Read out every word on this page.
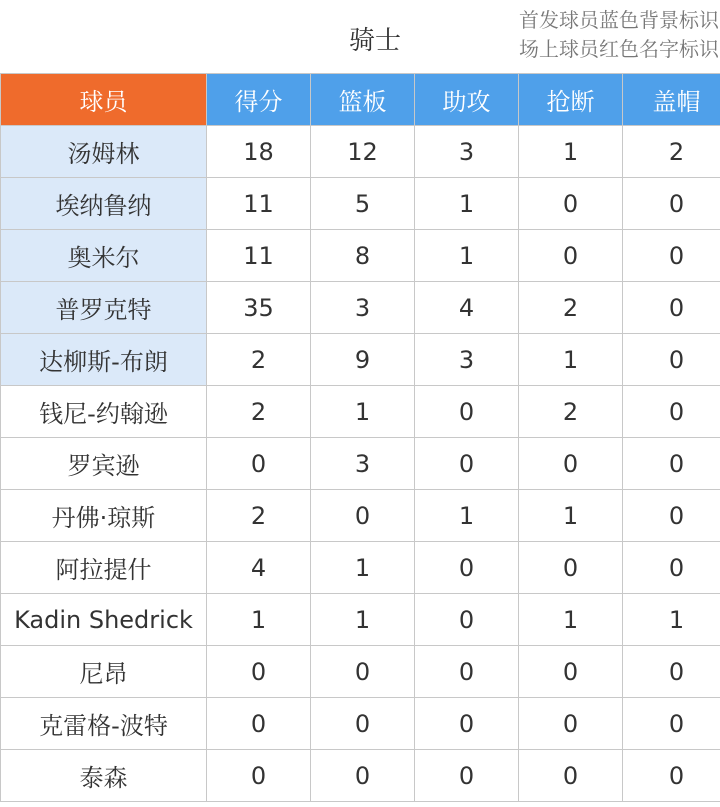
骑士
首发球员蓝色背景标识
场上球员红色名字标识
球员	得分	篮板	助攻	抢断	盖帽
汤姆林	18	12	3	1	2
埃纳鲁纳	11	5	1	0	0
奥米尔	11	8	1	0	0
普罗克特	35	3	4	2	0
达柳斯-布朗	2	9	3	1	0
钱尼-约翰逊	2	1	0	2	0
罗宾逊	0	3	0	0	0
丹佛·琼斯	2	0	1	1	0
阿拉提什	4	1	0	0	0
Kadin Shedrick	1	1	0	1	1
尼昂	0	0	0	0	0
克雷格-波特	0	0	0	0	0
泰森	0	0	0	0	0
